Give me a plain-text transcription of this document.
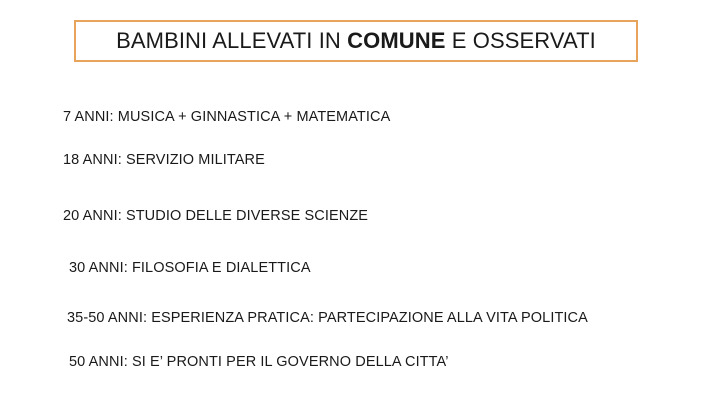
BAMBINI ALLEVATI IN COMUNE E OSSERVATI
7 ANNI: MUSICA + GINNASTICA + MATEMATICA
18 ANNI: SERVIZIO MILITARE
20 ANNI: STUDIO DELLE DIVERSE SCIENZE
30 ANNI: FILOSOFIA E DIALETTICA
35-50 ANNI: ESPERIENZA PRATICA: PARTECIPAZIONE ALLA VITA POLITICA
50 ANNI: SI E’ PRONTI PER IL GOVERNO DELLA CITTA’
